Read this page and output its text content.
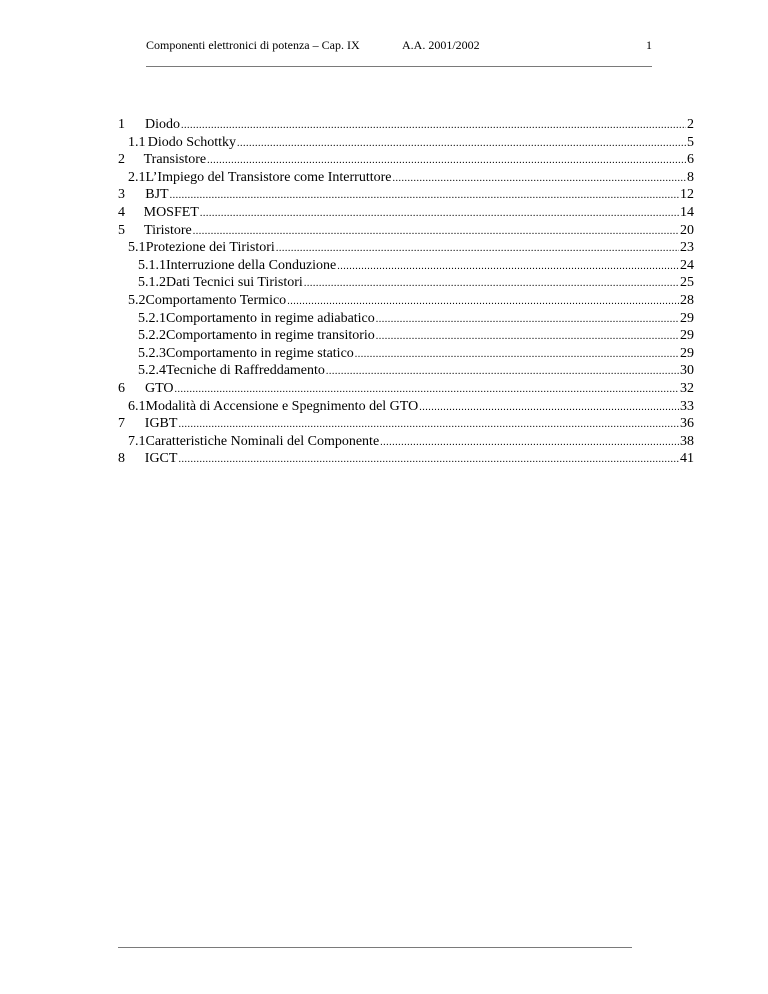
Componenti elettronici di potenza – Cap. IX	A.A. 2001/2002	1
1	Diodo .....	2
1.1 Diodo Schottky .....	5
2	Transistore .....	6
2.1 L’Impiego del Transistore come Interruttore .....	8
3	BJT .....	12
4	MOSFET .....	14
5	Tiristore .....	20
5.1 Protezione dei Tiristori .....	23
5.1.1 Interruzione della Conduzione .....	24
5.1.2 Dati Tecnici sui Tiristori .....	25
5.2 Comportamento Termico .....	28
5.2.1 Comportamento in regime adiabatico .....	29
5.2.2 Comportamento in regime transitorio .....	29
5.2.3 Comportamento in regime statico .....	29
5.2.4 Tecniche di Raffreddamento .....	30
6	GTO .....	32
6.1 Modalità di Accensione e Spegnimento del GTO .....	33
7	IGBT .....	36
7.1 Caratteristiche Nominali del Componente .....	38
8	IGCT .....	41
